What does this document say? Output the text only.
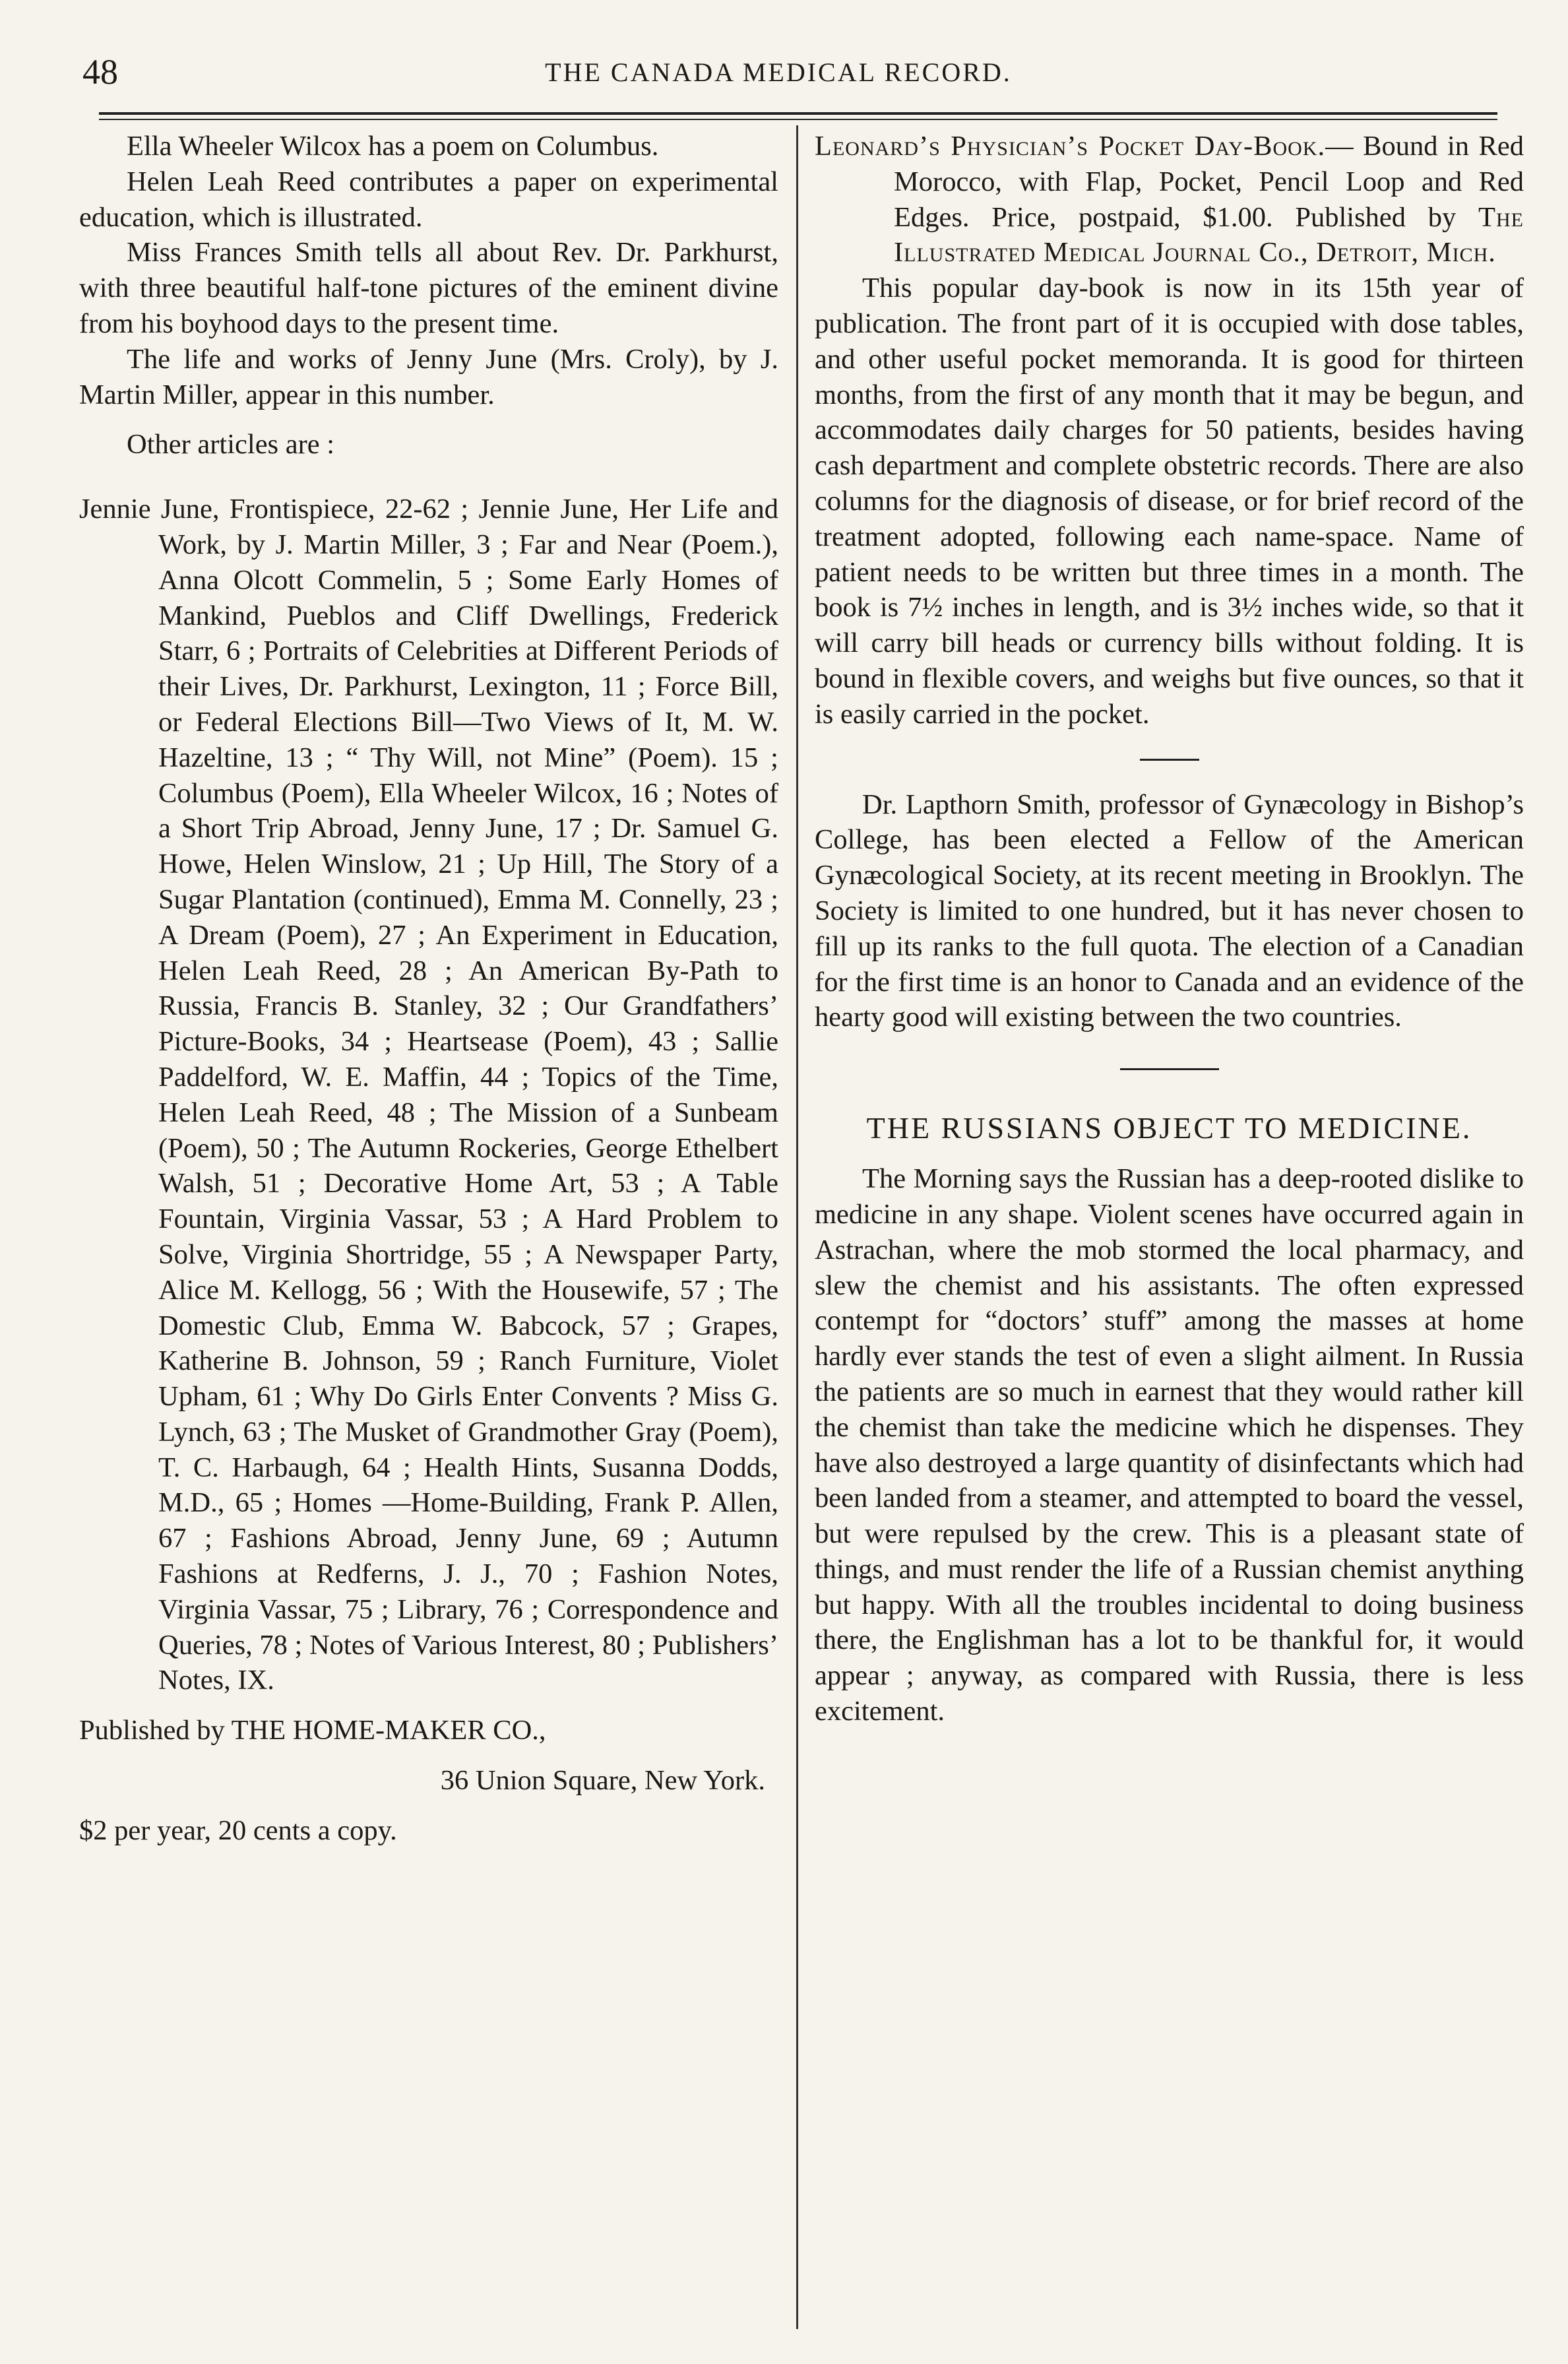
48	THE CANADA MEDICAL RECORD.

Ella Wheeler Wilcox has a poem on Columbus.

Helen Leah Reed contributes a paper on experimental education, which is illustrated.

Miss Frances Smith tells all about Rev. Dr. Parkhurst, with three beautiful half-tone pictures of the eminent divine from his boyhood days to the present time.

The life and works of Jenny June (Mrs. Croly), by J. Martin Miller, appear in this number.

Other articles are :

Jennie June, Frontispiece, 22-62 ; Jennie June, Her Life and Work, by J. Martin Miller, 3 ; Far and Near (Poem.), Anna Olcott Commelin, 5 ; Some Early Homes of Mankind, Pueblos and Cliff Dwellings, Frederick Starr, 6 ; Portraits of Celebrities at Different Periods of their Lives, Dr. Parkhurst, Lexington, 11 ; Force Bill, or Federal Elections Bill—Two Views of It, M. W. Hazeltine, 13 ; “ Thy Will, not Mine” (Poem). 15 ; Columbus (Poem), Ella Wheeler Wilcox, 16 ; Notes of a Short Trip Abroad, Jenny June, 17 ; Dr. Samuel G. Howe, Helen Winslow, 21 ; Up Hill, The Story of a Sugar Plantation (continued), Emma M. Connelly, 23 ; A Dream (Poem), 27 ; An Experiment in Education, Helen Leah Reed, 28 ; An American By-Path to Russia, Francis B. Stanley, 32 ; Our Grandfathers’ Picture-Books, 34 ; Heartsease (Poem), 43 ; Sallie Paddelford, W. E. Maffin, 44 ; Topics of the Time, Helen Leah Reed, 48 ; The Mission of a Sunbeam (Poem), 50 ; The Autumn Rockeries, George Ethelbert Walsh, 51 ; Decorative Home Art, 53 ; A Table Fountain, Virginia Vassar, 53 ; A Hard Problem to Solve, Virginia Shortridge, 55 ; A Newspaper Party, Alice M. Kellogg, 56 ; With the Housewife, 57 ; The Domestic Club, Emma W. Babcock, 57 ; Grapes, Katherine B. Johnson, 59 ; Ranch Furniture, Violet Upham, 61 ; Why Do Girls Enter Convents ? Miss G. Lynch, 63 ; The Musket of Grandmother Gray (Poem), T. C. Harbaugh, 64 ; Health Hints, Susanna Dodds, M.D., 65 ; Homes —Home-Building, Frank P. Allen, 67 ; Fashions Abroad, Jenny June, 69 ; Autumn Fashions at Redferns, J. J., 70 ; Fashion Notes, Virginia Vassar, 75 ; Library, 76 ; Correspondence and Queries, 78 ; Notes of Various Interest, 80 ; Publishers’ Notes, IX.

Published by THE HOME-MAKER CO.,

36 Union Square, New York.

$2 per year, 20 cents a copy.

Leonard’s Physician’s Pocket Day-Book.— Bound in Red Morocco, with Flap, Pocket, Pencil Loop and Red Edges. Price, postpaid, $1.00. Published by The Illustrated Medical Journal Co., Detroit, Mich.

This popular day-book is now in its 15th year of publication. The front part of it is occupied with dose tables, and other useful pocket memoranda. It is good for thirteen months, from the first of any month that it may be begun, and accommodates daily charges for 50 patients, besides having cash department and complete obstetric records. There are also columns for the diagnosis of disease, or for brief record of the treatment adopted, following each name-space. Name of patient needs to be written but three times in a month. The book is 7½ inches in length, and is 3½ inches wide, so that it will carry bill heads or currency bills without folding. It is bound in flexible covers, and weighs but five ounces, so that it is easily carried in the pocket.

Dr. Lapthorn Smith, professor of Gynæcology in Bishop’s College, has been elected a Fellow of the American Gynæcological Society, at its recent meeting in Brooklyn. The Society is limited to one hundred, but it has never chosen to fill up its ranks to the full quota. The election of a Canadian for the first time is an honor to Canada and an evidence of the hearty good will existing between the two countries.

THE RUSSIANS OBJECT TO MEDICINE.

The Morning says the Russian has a deep-rooted dislike to medicine in any shape. Violent scenes have occurred again in Astrachan, where the mob stormed the local pharmacy, and slew the chemist and his assistants. The often expressed contempt for “doctors’ stuff” among the masses at home hardly ever stands the test of even a slight ailment. In Russia the patients are so much in earnest that they would rather kill the chemist than take the medicine which he dispenses. They have also destroyed a large quantity of disinfectants which had been landed from a steamer, and attempted to board the vessel, but were repulsed by the crew. This is a pleasant state of things, and must render the life of a Russian chemist anything but happy. With all the troubles incidental to doing business there, the Englishman has a lot to be thankful for, it would appear ; anyway, as compared with Russia, there is less excitement.
